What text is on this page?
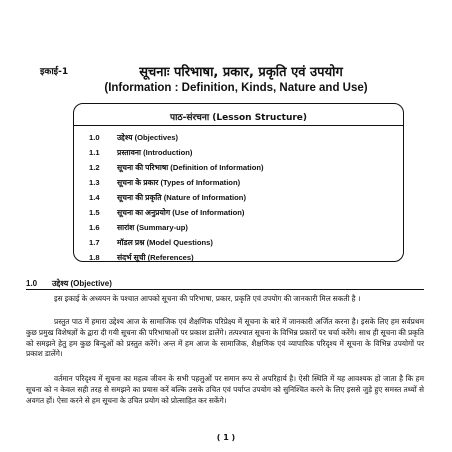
इकाई-1	सूचनाः परिभाषा, प्रकार, प्रकृति एवं उपयोग
(Information : Definition, Kinds, Nature and Use)
पाठ-संरचना (Lesson Structure)
1.0 उद्देश्य (Objectives)
1.1 प्रस्तावना (Introduction)
1.2 सूचना की परिभाषा (Definition of Information)
1.3 सूचना के प्रकार (Types of Information)
1.4 सूचना की प्रकृति (Nature of Information)
1.5 सूचना का अनुप्रयोग (Use of Information)
1.6 सारांश (Summary-up)
1.7 मॉडल प्रश्न (Model Questions)
1.8 संदर्भ सूची (References)
1.0 उद्देश्य (Objective)

इस इकाई के अध्ययन के पश्चात आपको सूचना की परिभाषा, प्रकार, प्रकृति एवं उपयोग की जानकारी मिल सकती है ।

प्रस्तुत पाठ में हमारा उद्देश्य आज के सामाजिक एवं शैक्षणिक परिप्रेक्ष्य में सूचना के बारे में जानकारी अर्जित करना है। इसके लिए हम सर्वप्रथम कुछ प्रमुख विशेषज्ञों के द्वारा दी गयी सूचना की परिभाषाओं पर प्रकाश डालेंगे। तत्पश्चात सूचना के विभिन्न प्रकारों पर चर्चा करेंगे। साथ ही सूचना की प्रकृति को समझने हेतु हम कुछ बिन्दुओं को प्रस्तुत करेंगे। अन्त में हम आज के सामाजिक, शैक्षणिक एवं व्यापारिक परिदृश्य में सूचना के विभिन्न उपयोगों पर प्रकाश डालेंगे।

वर्तमान परिदृश्य में सूचना का महत्व जीवन के सभी पहलुओं पर समान रूप से अपरिहार्य है। ऐसी स्थिति में यह आवश्यक हो जाता है कि हम सूचना को न केवल सही तरह से समझने का प्रयास करें बल्कि उसके उचित एवं पर्याप्त उपयोग को सुनिश्चित करने के लिए इससे जुड़े हुए समस्त तथ्यों से अवगत हों। ऐसा करने से हम सूचना के उचित प्रयोग को प्रोत्साहित कर सकेंगे।

( 1 )
